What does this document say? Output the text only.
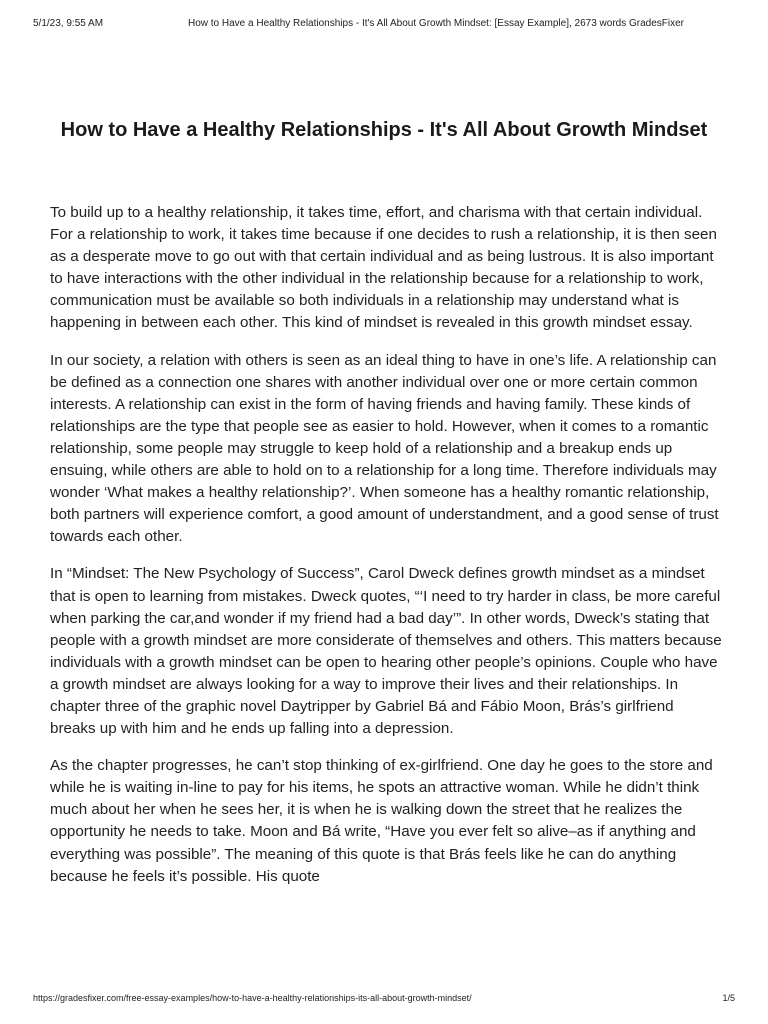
5/1/23, 9:55 AM	How to Have a Healthy Relationships - It's All About Growth Mindset: [Essay Example], 2673 words GradesFixer
How to Have a Healthy Relationships - It's All About Growth Mindset

To build up to a healthy relationship, it takes time, effort, and charisma with that certain individual. For a relationship to work, it takes time because if one decides to rush a relationship, it is then seen as a desperate move to go out with that certain individual and as being lustrous. It is also important to have interactions with the other individual in the relationship because for a relationship to work, communication must be available so both individuals in a relationship may understand what is happening in between each other. This kind of mindset is revealed in this growth mindset essay.

In our society, a relation with others is seen as an ideal thing to have in one’s life. A relationship can be defined as a connection one shares with another individual over one or more certain common interests. A relationship can exist in the form of having friends and having family. These kinds of relationships are the type that people see as easier to hold. However, when it comes to a romantic relationship, some people may struggle to keep hold of a relationship and a breakup ends up ensuing, while others are able to hold on to a relationship for a long time. Therefore individuals may wonder ‘What makes a healthy relationship?’. When someone has a healthy romantic relationship, both partners will experience comfort, a good amount of understandment, and a good sense of trust towards each other.

In “Mindset: The New Psychology of Success”, Carol Dweck defines growth mindset as a mindset that is open to learning from mistakes. Dweck quotes, “‘I need to try harder in class, be more careful when parking the car,and wonder if my friend had a bad day’”. In other words, Dweck’s stating that people with a growth mindset are more considerate of themselves and others. This matters because individuals with a growth mindset can be open to hearing other people’s opinions. Couple who have a growth mindset are always looking for a way to improve their lives and their relationships. In chapter three of the graphic novel Daytripper by Gabriel Bá and Fábio Moon, Brás’s girlfriend breaks up with him and he ends up falling into a depression.

As the chapter progresses, he can’t stop thinking of ex-girlfriend. One day he goes to the store and while he is waiting in-line to pay for his items, he spots an attractive woman. While he didn’t think much about her when he sees her, it is when he is walking down the street that he realizes the opportunity he needs to take. Moon and Bá write, “Have you ever felt so alive–as if anything and everything was possible”. The meaning of this quote is that Brás feels like he can do anything because he feels it’s possible. His quote

https://gradesfixer.com/free-essay-examples/how-to-have-a-healthy-relationships-its-all-about-growth-mindset/	1/5
